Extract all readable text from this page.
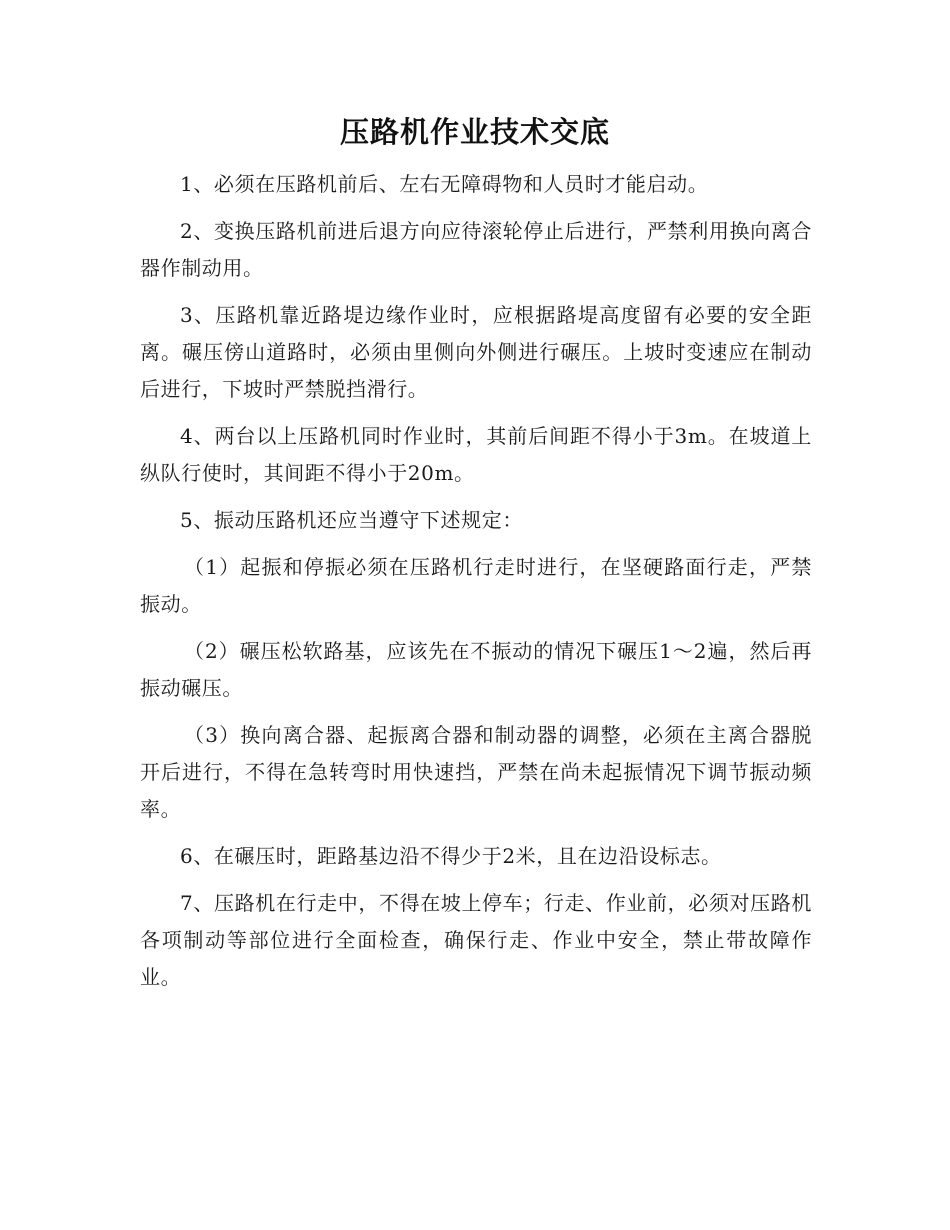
压路机作业技术交底

1、必须在压路机前后、左右无障碍物和人员时才能启动。

2、变换压路机前进后退方向应待滚轮停止后进行，严禁利用换向离合器作制动用。

3、压路机靠近路堤边缘作业时，应根据路堤高度留有必要的安全距离。碾压傍山道路时，必须由里侧向外侧进行碾压。上坡时变速应在制动后进行，下坡时严禁脱挡滑行。

4、两台以上压路机同时作业时，其前后间距不得小于3m。在坡道上纵队行使时，其间距不得小于20m。

5、振动压路机还应当遵守下述规定：

（1）起振和停振必须在压路机行走时进行，在坚硬路面行走，严禁振动。

（2）碾压松软路基，应该先在不振动的情况下碾压1～2遍，然后再振动碾压。

（3）换向离合器、起振离合器和制动器的调整，必须在主离合器脱开后进行，不得在急转弯时用快速挡，严禁在尚未起振情况下调节振动频率。

6、在碾压时，距路基边沿不得少于2米，且在边沿设标志。

7、压路机在行走中，不得在坡上停车；行走、作业前，必须对压路机各项制动等部位进行全面检查，确保行走、作业中安全，禁止带故障作业。
